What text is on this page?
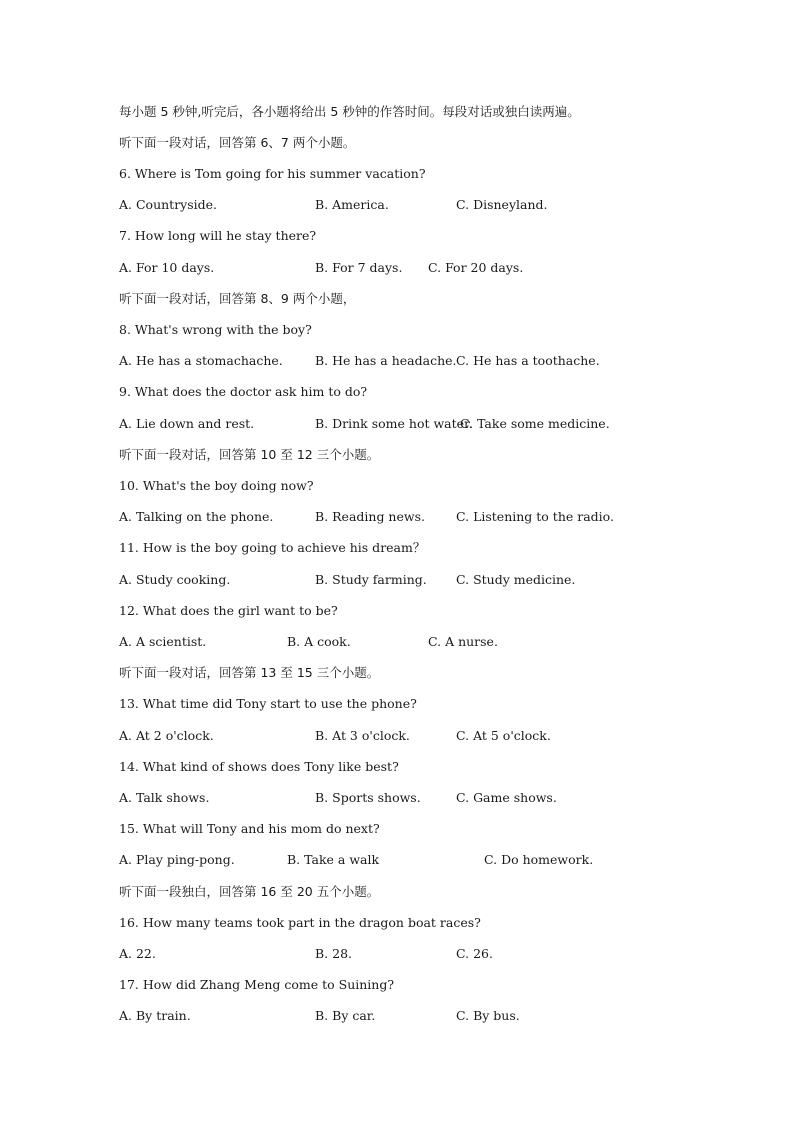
每小题 5 秒钟,听完后，各小题将给出 5 秒钟的作答时间。每段对话或独白读两遍。
听下面一段对话，回答第 6、7 两个小题。
6. Where is Tom going for his summer vacation?
A. Countryside.	B. America.	C. Disneyland.
7. How long will he stay there?
A. For 10 days.	B. For 7 days. C. For 20 days.
听下面一段对话，回答第 8、9 两个小题，
8. What's wrong with the boy?
A. He has a stomachache.	B. He has a headache. C. He has a toothache.
9. What does the doctor ask him to do?
A. Lie down and rest.	B. Drink some hot water.
C. Take some medicine.
听下面一段对话，回答第 10 至 12 三个小题。
10. What's the boy doing now?
A. Talking on the phone.	B. Reading news. C. Listening to the radio.
11. How is the boy going to achieve his dream？
A. Study cooking.	B. Study farming. C. Study medicine.
12. What does the girl want to be?
A. A scientist.	B. A cook.	C. A nurse.
听下面一段对话，回答第 13 至 15 三个小题。
13. What time did Tony start to use the phone?
A. At 2 o'clock.	B. At 3 o'clock.	C. At 5 o'clock.
14. What kind of shows does Tony like best?
A. Talk shows.	B. Sports shows.	C. Game shows.
15. What will Tony and his mom do next?
A. Play ping-pong.	B. Take a walk	C. Do homework.
听下面一段独白，回答第 16 至 20 五个小题。
16. How many teams took part in the dragon boat races?
A. 22.	B. 28.	C. 26.
17. How did Zhang Meng come to Suining?
A. By train.	B. By car.	C. By bus.
